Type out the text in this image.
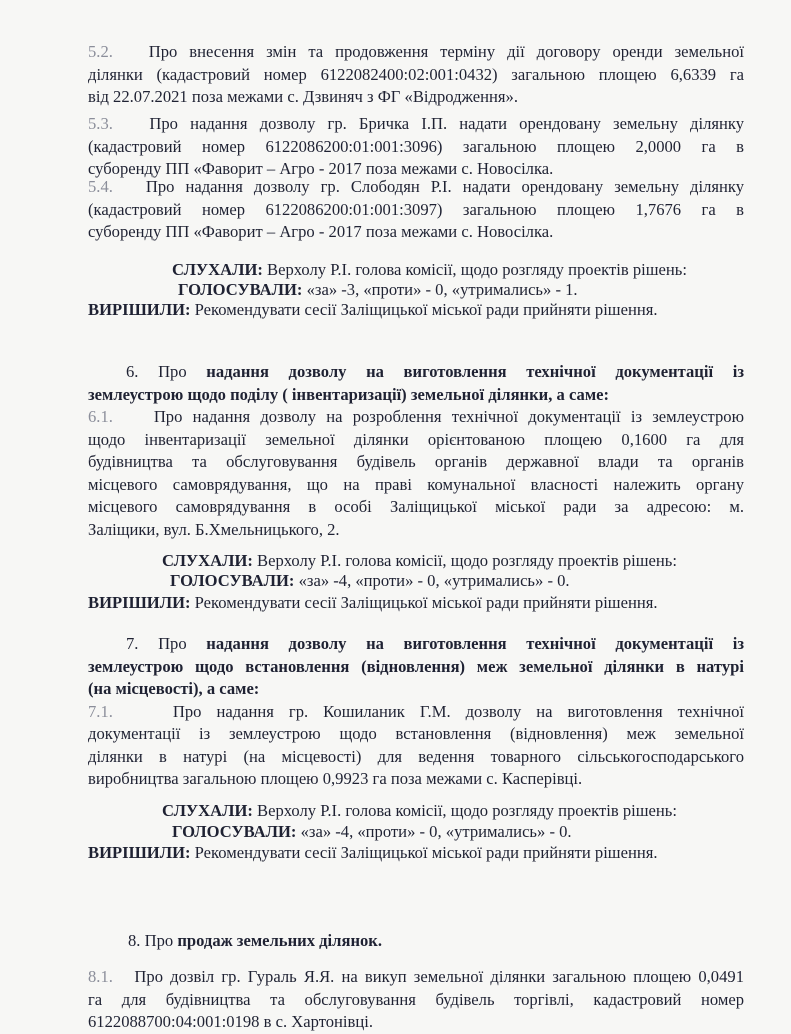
5.2. Про внесення змін та продовження терміну дії договору оренди земельної
ділянки (кадастровий номер 6122082400:02:001:0432) загальною площею 6,6339 га
від 22.07.2021 поза межами с. Дзвиняч з ФГ «Відродження».
5.3. Про надання дозволу гр. Бричка І.П. надати орендовану земельну ділянку
(кадастровий номер 6122086200:01:001:3096) загальною площею 2,0000 га в
суборенду ПП «Фаворит – Агро - 2017 поза межами с. Новосілка.
5.4. Про надання дозволу гр. Слободян Р.І. надати орендовану земельну ділянку
(кадастровий номер 6122086200:01:001:3097) загальною площею 1,7676 га в
суборенду ПП «Фаворит – Агро - 2017 поза межами с. Новосілка.

СЛУХАЛИ: Верхолу Р.І. голова комісії, щодо розгляду проектів рішень:

ГОЛОСУВАЛИ: «за» -3, «проти» - 0, «утримались» - 1.

ВИРІШИЛИ: Рекомендувати сесії Заліщицької міської ради прийняти рішення.

6. Про надання дозволу на виготовлення технічної документації із
землеустрою щодо поділу ( інвентаризації) земельної ділянки, а саме:
6.1. Про надання дозволу на розроблення технічної документації із землеустрою
щодо інвентаризації земельної ділянки орієнтованою площею 0,1600 га для
будівництва та обслуговування будівель органів державної влади та органів
місцевого самоврядування, що на праві комунальної власності належить органу
місцевого самоврядування в особі Заліщицької міської ради за адресою: м.
Заліщики, вул. Б.Хмельницького, 2.

СЛУХАЛИ: Верхолу Р.І. голова комісії, щодо розгляду проектів рішень:

ГОЛОСУВАЛИ: «за» -4, «проти» - 0, «утримались» - 0.

ВИРІШИЛИ: Рекомендувати сесії Заліщицької міської ради прийняти рішення.

7. Про надання дозволу на виготовлення технічної документації із
землеустрою щодо встановлення (відновлення) меж земельної ділянки в натурі
(на місцевості), а саме:
7.1.	Про надання гр. Кошиланик Г.М. дозволу на виготовлення технічної
документації із землеустрою щодо встановлення (відновлення) меж земельної
ділянки в натурі (на місцевості) для ведення товарного сільськогосподарського
виробництва загальною площею 0,9923 га поза межами с. Касперівці.

СЛУХАЛИ: Верхолу Р.І. голова комісії, щодо розгляду проектів рішень:

ГОЛОСУВАЛИ: «за» -4, «проти» - 0, «утримались» - 0.

ВИРІШИЛИ: Рекомендувати сесії Заліщицької міської ради прийняти рішення.

8. Про продаж земельних ділянок.

8.1. Про дозвіл гр. Гураль Я.Я. на викуп земельної ділянки загальною площею 0,0491
га для будівництва та обслуговування будівель торгівлі, кадастровий номер
6122088700:04:001:0198 в с. Хартонівці.
